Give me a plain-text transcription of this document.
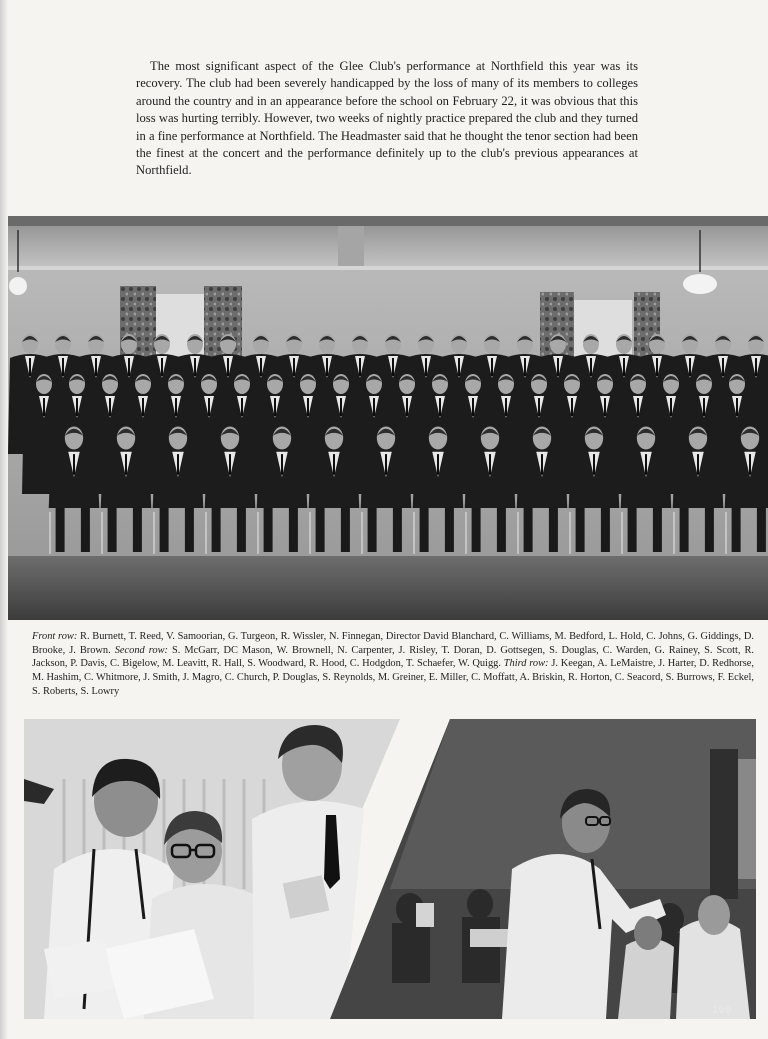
The most significant aspect of the Glee Club's performance at Northfield this year was its recovery. The club had been severely handicapped by the loss of many of its members to colleges around the country and in an appearance before the school on February 22, it was obvious that this loss was hurting terribly. However, two weeks of nightly practice prepared the club and they turned in a fine performance at Northfield. The Headmaster said that he thought the tenor section had been the finest at the concert and the performance definitely up to the club's previous appearances at Northfield.

Front row: R. Burnett, T. Reed, V. Samoorian, G. Turgeon, R. Wissler, N. Finnegan, Director David Blanchard, C. Williams, M. Bedford, L. Hold, C. Johns, G. Giddings, D. Brooke, J. Brown. Second row: S. McGarr, DC Mason, W. Brownell, N. Carpenter, J. Risley, T. Doran, D. Gottsegen, S. Douglas, C. Warden, G. Rainey, S. Scott, R. Jackson, P. Davis, C. Bigelow, M. Leavitt, R. Hall, S. Woodward, R. Hood, C. Hodgdon, T. Schaefer, W. Quigg. Third row: J. Keegan, A. LeMaistre, J. Harter, D. Redhorse, M. Hashim, C. Whitmore, J. Smith, J. Magro, C. Church, P. Douglas, S. Reynolds, M. Greiner, E. Miller, C. Moffatt, A. Briskin, R. Horton, C. Seacord, S. Burrows, F. Eckel, S. Roberts, S. Lowry

109
